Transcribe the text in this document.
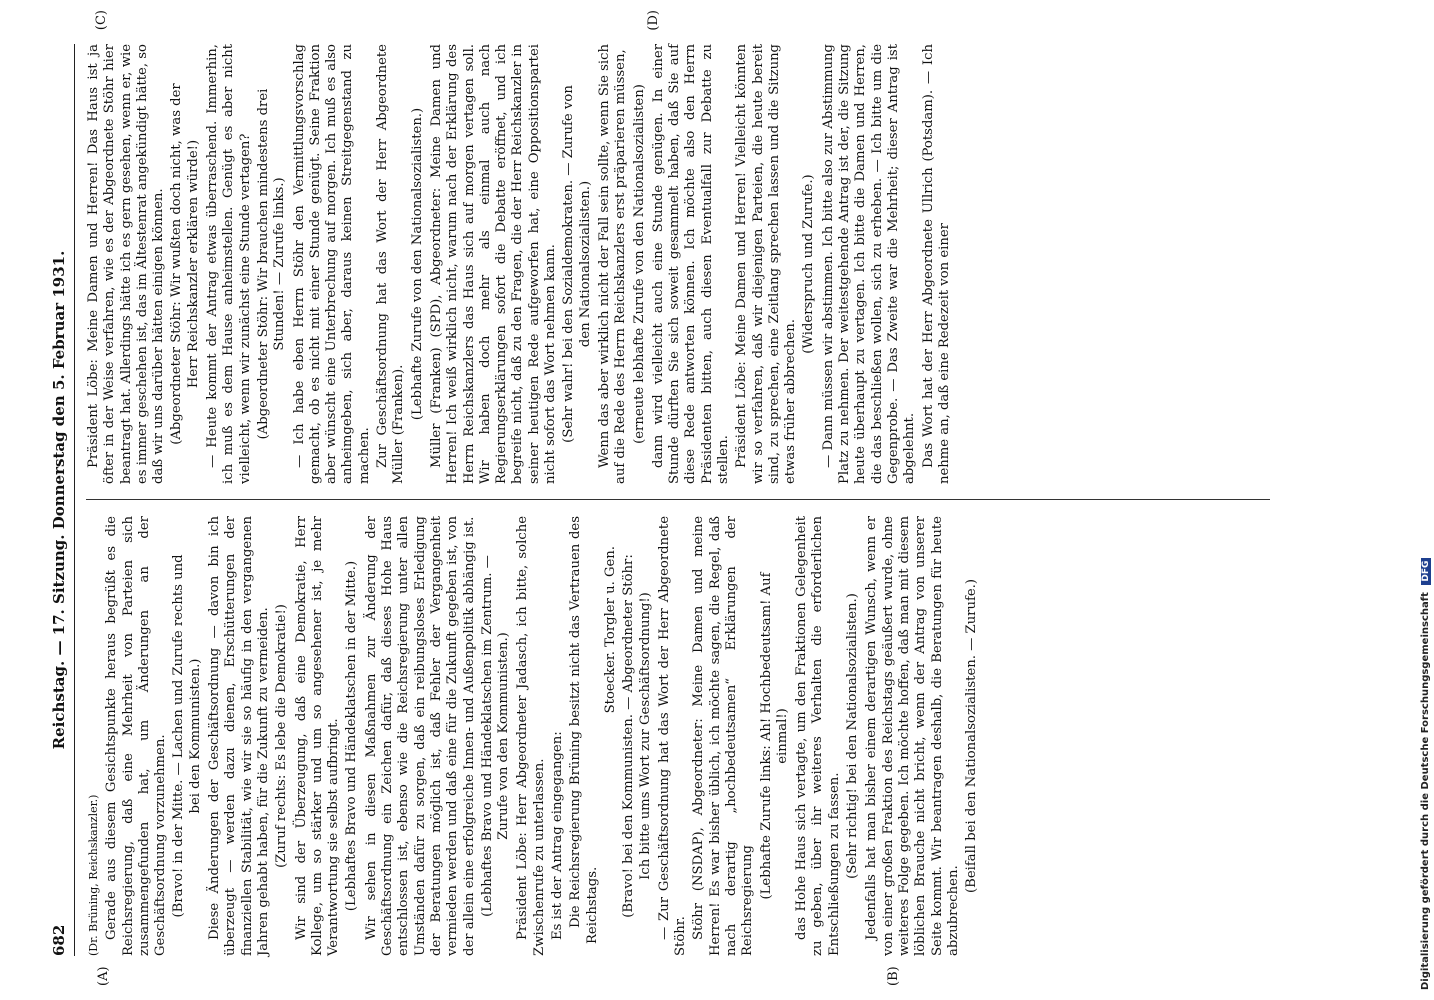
682
Reichstag. — 17. Sitzung. Donnerstag den 5. Februar 1931.
(A)	(B)
(C)	(D)

(Dr. Brüning, Reichskanzler.) Gerade aus diesem Gesichtspunkte heraus begrüßt es die Reichsregierung, daß eine Mehrheit von Parteien sich zusammengefunden hat, um Änderungen an der Geschäftsordnung vorzunehmen. (Bravo! in der Mitte. — Lachen und Zurufe rechts und bei den Kommunisten.) Diese Änderungen der Geschäftsordnung — davon bin ich überzeugt — werden dazu dienen, Erschütterungen der finanziellen Stabilität, wie wir sie so häufig in den vergangenen Jahren gehabt haben, für die Zukunft zu vermeiden. (Zuruf rechts: Es lebe die Demokratie!) Wir sind der Überzeugung, daß eine Demokratie, Herr Kollege, um so stärker und um so angesehener ist, je mehr Verantwortung sie selbst aufbringt. (Lebhaftes Bravo und Händeklatschen in der Mitte.) Wir sehen in diesen Maßnahmen zur Änderung der Geschäftsordnung ein Zeichen dafür, daß dieses Hohe Haus entschlossen ist, ebenso wie die Reichsregierung unter allen Umständen dafür zu sorgen, daß ein reibungsloses Erledigung der Beratungen möglich ist, daß Fehler der Vergangenheit vermieden werden und daß eine für die Zukunft gegeben ist, von der allein eine erfolgreiche Innen- und Außenpolitik abhängig ist. (Lebhaftes Bravo und Händeklatschen im Zentrum. — Zurufe von den Kommunisten.) Präsident Löbe: Herr Abgeordneter Jadasch, ich bitte, solche Zwischenrufe zu unterlassen. Es ist der Antrag eingegangen: Die Reichsregierung Brüning besitzt nicht das Vertrauen des Reichstags.

Stoecker. Torgler u. Gen. (Bravo! bei den Kommunisten. — Abgeordneter Stöhr: Ich bitte ums Wort zur Geschäftsordnung!) — Zur Geschäftsordnung hat das Wort der Herr Abgeordnete Stöhr. Stöhr (NSDAP), Abgeordneter: Meine Damen und meine Herren! Es war bisher üblich, ich möchte sagen, die Regel, daß nach derartig „hochbedeutsamen“ Erklärungen der Reichsregierung

(Lebhafte Zurufe links: Ah! Hochbedeutsam! Auf einmal!) das Hohe Haus sich vertagte, um den Fraktionen Gelegenheit zu geben, über ihr weiteres Verhalten die erforderlichen Entschließungen zu fassen. (Sehr richtig! bei den Nationalsozialisten.) Jedenfalls hat man bisher einem derartigen Wunsch, wenn er von einer großen Fraktion des Reichstags geäußert wurde, ohne weiteres Folge gegeben. Ich möchte hoffen, daß man mit diesem löblichen Brauche nicht bricht, wenn der Antrag von unserer Seite kommt. Wir beantragen deshalb, die Beratungen für heute abzubrechen.

(Beifall bei den Nationalsozialisten. — Zurufe.)

Präsident Löbe: Meine Damen und Herren! Das Haus ist ja öfter in der Weise verfahren, wie es der Abgeordnete Stöhr hier beantragt hat. Allerdings hätte ich es gern gesehen, wenn er, wie es immer geschehen ist, das im Ältestenrat angekündigt hätte, so daß wir uns darüber hätten einigen können. (Abgeordneter Stöhr: Wir wußten doch nicht, was der Herr Reichskanzler erklären würde!) — Heute kommt der Antrag etwas überraschend. Immerhin, ich muß es dem Hause anheimstellen. Genügt es aber nicht vielleicht, wenn wir zunächst eine Stunde vertagen? (Abgeordneter Stöhr: Wir brauchen mindestens drei Stunden! — Zurufe links.) — Ich habe eben Herrn Stöhr den Vermittlungsvorschlag gemacht, ob es nicht mit einer Stunde genügt. Seine Fraktion aber wünscht eine Unterbrechung auf morgen. Ich muß es also anheimgeben, sich aber, daraus keinen Streitgegenstand zu machen. Zur Geschäftsordnung hat das Wort der Herr Abgeordnete Müller (Franken).

(Lebhafte Zurufe von den Nationalsozialisten.) Müller (Franken) (SPD), Abgeordneter: Meine Damen und Herren! Ich weiß wirklich nicht, warum nach der Erklärung des Herrn Reichskanzlers das Haus sich auf morgen vertagen soll. Wir haben doch mehr als einmal auch nach Regierungserklärungen sofort die Debatte eröffnet, und ich begreife nicht, daß zu den Fragen, die der Herr Reichskanzler in seiner heutigen Rede aufgeworfen hat, eine Oppositionspartei nicht sofort das Wort nehmen kann. (Sehr wahr! bei den Sozialdemokraten. — Zurufe von den Nationalsozialisten.) Wenn das aber wirklich nicht der Fall sein sollte, wenn Sie sich auf die Rede des Herrn Reichskanzlers erst präparieren müssen, (erneute lebhafte Zurufe von den Nationalsozialisten) dann wird vielleicht auch eine Stunde genügen. In einer Stunde dürften Sie sich soweit gesammelt haben, daß Sie auf diese Rede antworten können. Ich möchte also den Herrn Präsidenten bitten, auch diesen Eventualfall zur Debatte zu stellen. Präsident Löbe: Meine Damen und Herren! Vielleicht könnten wir so verfahren, daß wir diejenigen Parteien, die heute bereit sind, zu sprechen, eine Zeitlang sprechen lassen und die Sitzung etwas früher abbrechen.

(Widerspruch und Zurufe.) — Dann müssen wir abstimmen. Ich bitte also zur Abstimmung Platz zu nehmen. Der weitestgehende Antrag ist der, die Sitzung heute überhaupt zu vertagen. Ich bitte die Damen und Herren, die das beschließen wollen, sich zu erheben. — Ich bitte um die Gegenprobe. — Das Zweite war die Mehrheit; dieser Antrag ist abgelehnt. Das Wort hat der Herr Abgeordnete Ullrich (Potsdam). — Ich nehme an, daß eine Redezeit von einer

Digitalisierung gefördert durch die Deutsche Forschungsgemeinschaft DFG
